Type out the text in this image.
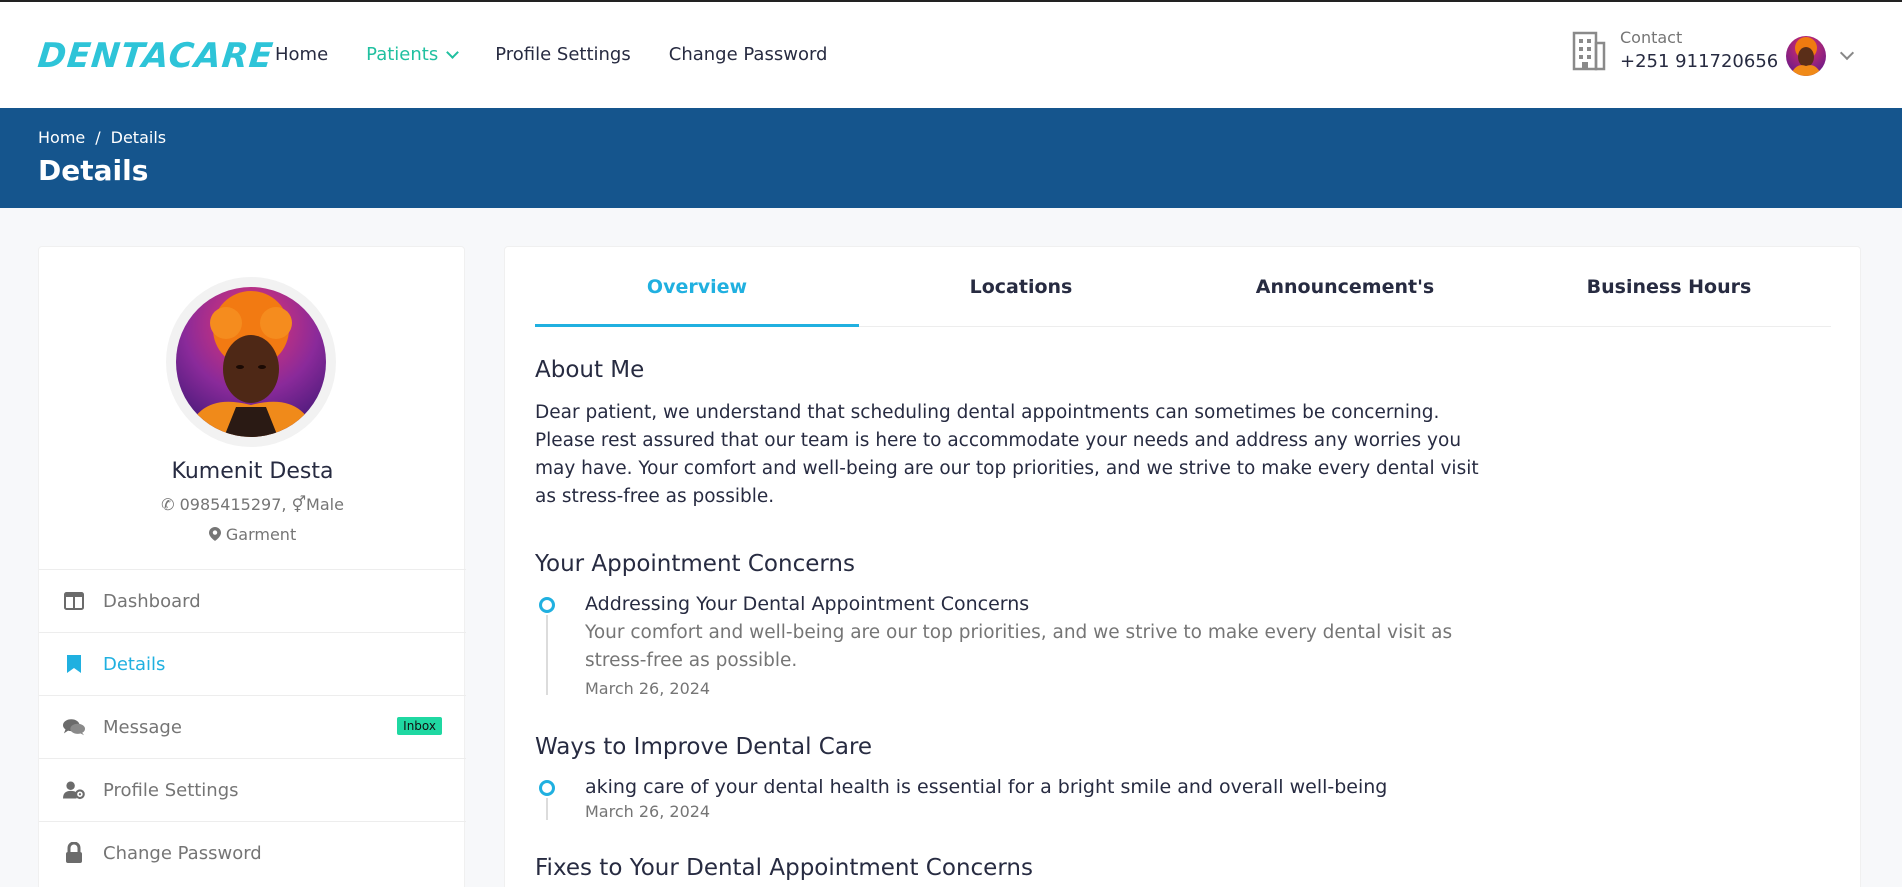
DENTACARE Home Patients	Profile Settings Change Password
Contact
+251 911720656
Home / Details
Details
Kumenit Desta
✆ 0985415297, ⚥Male
Garment
Dashboard
Details
Message	Inbox
Profile Settings
Change Password
Overview	Locations	Announcement's	Business Hours
About Me
Dear patient, we understand that scheduling dental appointments can sometimes be concerning. Please rest assured that our team is here to accommodate your needs and address any worries you may have. Your comfort and well-being are our top priorities, and we strive to make every dental visit as stress-free as possible.
Your Appointment Concerns
Addressing Your Dental Appointment Concerns
Your comfort and well-being are our top priorities, and we strive to make every dental visit as stress-free as possible.
March 26, 2024
Ways to Improve Dental Care
aking care of your dental health is essential for a bright smile and overall well-being
March 26, 2024
Fixes to Your Dental Appointment Concerns
